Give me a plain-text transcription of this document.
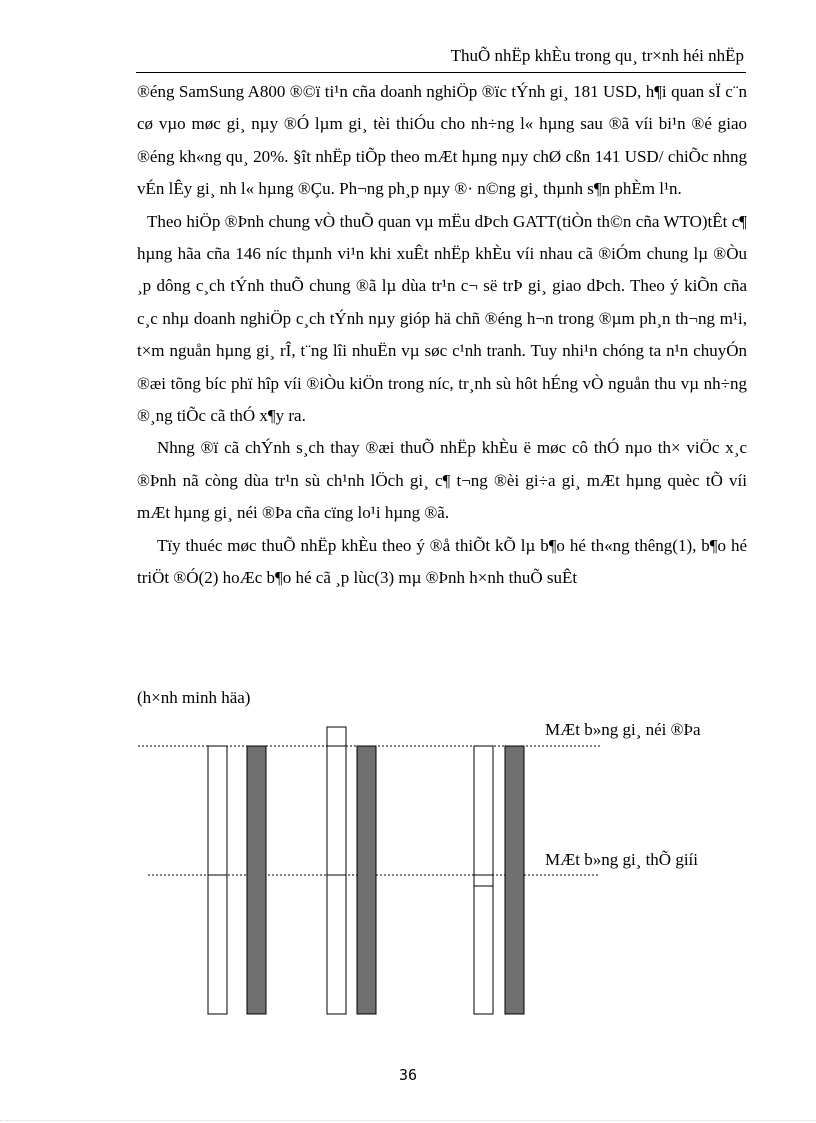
ThuÕ nhËp khÈu trong qu¸ tr×nh héi nhËp

®éng SamSung A800 ®©ï ti¹n cña doanh nghiÖp ®ïc tÝnh gi¸ 181 USD, h¶i quan sÏ c¨n cø vµo møc gi¸ nµy ®Ó lµm gi¸ tèi thiÓu cho nh÷ng l« hµng sau ®ã víi bi¹n ®é giao ®éng kh«ng qu¸ 20%. §ît nhËp tiÕp theo mÆt hµng nµy chØ cßn 141 USD/ chiÕc nhng vÉn lÊy gi¸ nh l« hµng ®Çu. Ph¬ng ph¸p nµy ®· n©ng gi¸ thµnh s¶n phÈm l¹n.

Theo hiÖp ®Þnh chung vÒ thuÕ quan vµ mËu dÞch GATT(tiÒn th©n cña WTO)tÊt c¶ hµng hãa cña 146 níc thµnh vi¹n khi xuÊt nhËp khÈu víi nhau cã ®iÓm chung lµ ®Òu ¸p dông c¸ch tÝnh thuÕ chung ®ã lµ dùa tr¹n c¬ së trÞ gi¸ giao dÞch. Theo ý kiÕn cña c¸c nhµ doanh nghiÖp c¸ch tÝnh nµy gióp hä chñ ®éng h¬n trong ®µm ph¸n th¬ng m¹i, t×m nguån hµng gi¸ rÎ, t¨ng lîi nhuËn vµ søc c¹nh tranh. Tuy nhi¹n chóng ta n¹n chuyÓn ®æi tõng bíc phï hîp víi ®iÒu kiÖn trong níc, tr¸nh sù hôt hÉng vÒ nguån thu vµ nh÷ng ®¸ng tiÕc cã thÓ x¶y ra.

Nhng ®ï cã chÝnh s¸ch thay ®æi thuÕ nhËp khÈu ë møc cô thÓ nµo th× viÖc x¸c ®Þnh nã còng dùa tr¹n sù ch¹nh lÖch gi¸ c¶ t¬ng ®èi gi÷a gi¸ mÆt hµng quèc tÕ víi mÆt hµng gi¸ néi ®Þa cña cïng lo¹i hµng ®ã.

Tïy thuéc møc thuÕ nhËp khÈu theo ý ®å thiÕt kÕ lµ b¶o hé th«ng thêng(1), b¶o hé triÖt ®Ó(2) hoÆc b¶o hé cã ¸p lùc(3) mµ ®Þnh h×nh thuÕ suÊt

(h×nh minh häa)
MÆt b»ng gi¸ néi ®Þa
MÆt b»ng gi¸ thÕ giíi
36
